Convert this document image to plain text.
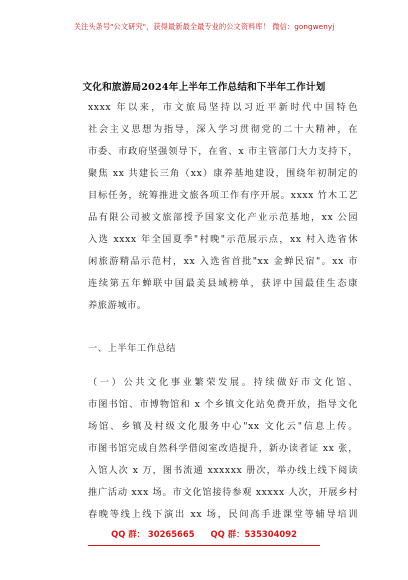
关注头条号"公文研究"，获得最新最全最专业的公文资料库！ 微信：gongwenyj
文化和旅游局2024年上半年工作总结和下半年工作计划
xxxx 年以来，市文旅局坚持以习近平新时代中国特色
社会主义思想为指导，深入学习贯彻党的二十大精神，在
市委、市政府坚强领导下，在省、x 市主管部门大力支持下，
聚焦 xx 共建长三角（xx）康养基地建设，围绕年初制定的
目标任务，统筹推进文旅各项工作有序开展。xxxx 竹木工艺
品有限公司被文旅部授予国家文化产业示范基地，xx 公园
入选 xxxx 年全国夏季"村晚"示范展示点，xx 村入选省休
闲旅游精品示范村，xx 入选省首批"xx 金蝉民宿"。xx 市
连续第五年蝉联中国最美县域榜单，获评中国最佳生态康
养旅游城市。
一、上半年工作总结
（一）公共文化事业繁荣发展。持续做好市文化馆、
市图书馆、市博物馆和 x 个乡镇文化站免费开放，指导文化
场馆、乡镇及村级文化服务中心"xx 文化云"信息上传。
市图书馆完成自然科学借阅室改造提升，新办读者证 xx 张，
入馆人次 x 万，图书流通 xxxxxx 册次，举办线上线下阅读
推广活动 xxx 场。市文化馆接待参观 xxxxx 人次，开展乡村
春晚等线上线下演出 xx 场，民间高手进课堂等辅导培训
QQ 群： 30265665 QQ 群：535304092
